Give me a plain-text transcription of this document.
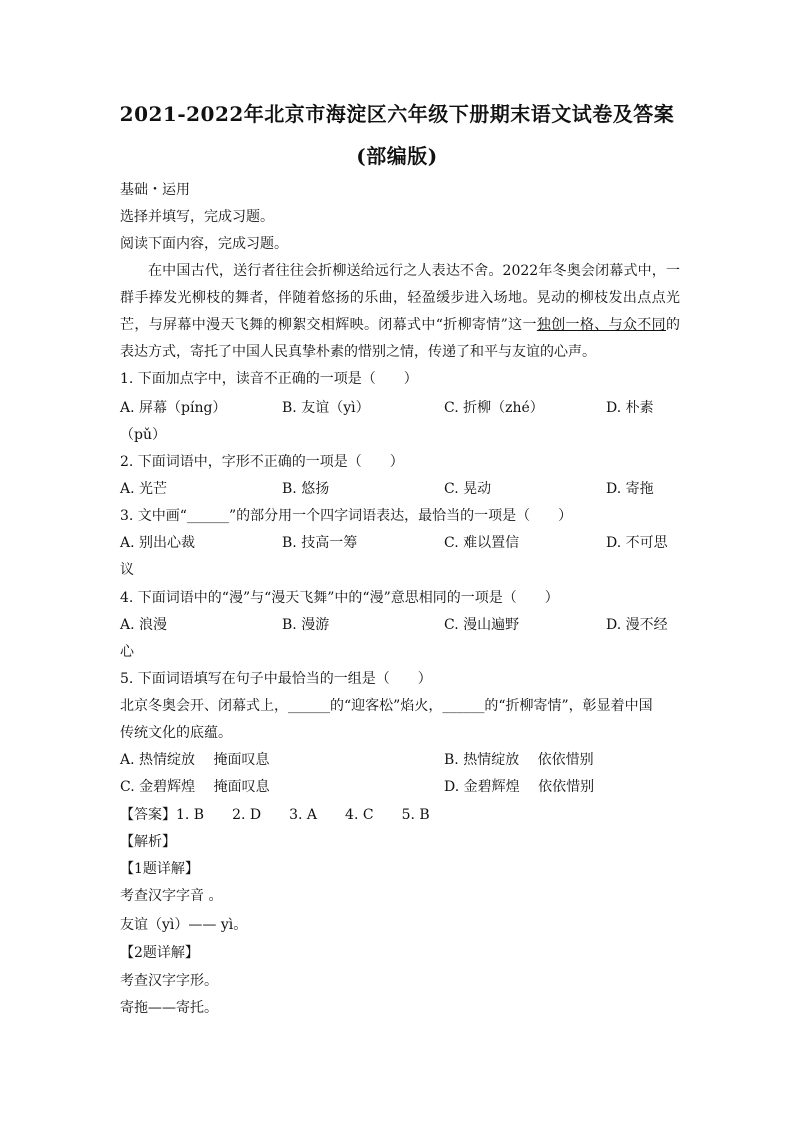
2021-2022年北京市海淀区六年级下册期末语文试卷及答案
(部编版)
基础・运用
选择并填写，完成习题。
阅读下面内容，完成习题。

在中国古代，送行者往往会折柳送给远行之人表达不舍。2022年冬奥会闭幕式中，一群手捧发光柳枝的舞者，伴随着悠扬的乐曲，轻盈缓步进入场地。晃动的柳枝发出点点光芒，与屏幕中漫天飞舞的柳絮交相辉映。闭幕式中“折柳寄情”这一独创一格、与众不同的表达方式，寄托了中国人民真挚朴素的惜别之情，传递了和平与友谊的心声。

1. 下面加点字中，读音不正确的一项是（　　）
A. 屏幕（píng）	B. 友谊（yì）	C. 折柳（zhé）	D. 朴素
（pǔ）
2. 下面词语中，字形不正确的一项是（　　）
A. 光芒	B. 悠扬	C. 晃动	D. 寄拖
3. 文中画“______”的部分用一个四字词语表达，最恰当的一项是（　　）
A. 别出心裁	B. 技高一筹	C. 难以置信	D. 不可思
议
4. 下面词语中的“漫”与“漫天飞舞”中的“漫”意思相同的一项是（　　）
A. 浪漫	B. 漫游	C. 漫山遍野	D. 漫不经
心
5. 下面词语填写在句子中最恰当的一组是（　　）
北京冬奥会开、闭幕式上，______的“迎客松”焰火，______的“折柳寄情”，彰显着中国
传统文化的底蕴。
A. 热情绽放　 掩面叹息	B. 热情绽放　 依依惜别
C. 金碧辉煌　 掩面叹息	D. 金碧辉煌　 依依惜别
【答案】1. B　　2. D　　3. A　　4. C　　5. B
【解析】
【1题详解】
考查汉字字音 。
友谊（yì）—— yì。
【2题详解】
考查汉字字形。
寄拖——寄托。
